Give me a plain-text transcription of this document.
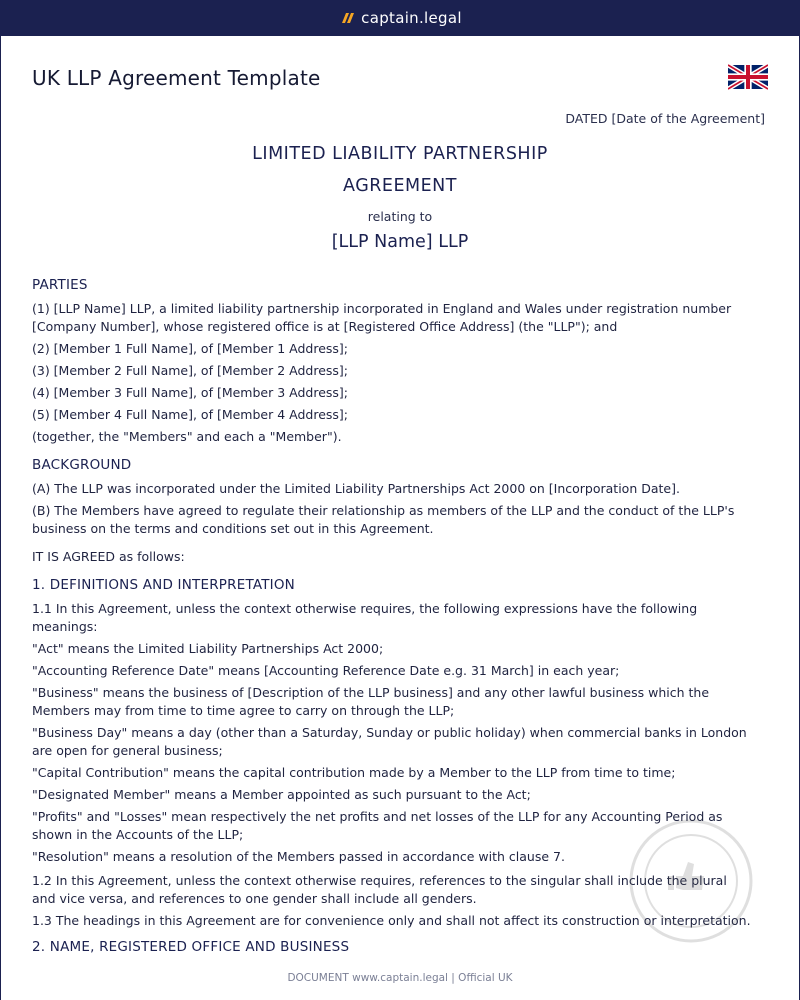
captain.legal
UK LLP Agreement Template
DATED [Date of the Agreement]
LIMITED LIABILITY PARTNERSHIP
AGREEMENT
relating to
[LLP Name] LLP
PARTIES
(1) [LLP Name] LLP, a limited liability partnership incorporated in England and Wales under registration number [Company Number], whose registered office is at [Registered Office Address] (the "LLP"); and
(2) [Member 1 Full Name], of [Member 1 Address];
(3) [Member 2 Full Name], of [Member 2 Address];
(4) [Member 3 Full Name], of [Member 3 Address];
(5) [Member 4 Full Name], of [Member 4 Address];
(together, the "Members" and each a "Member").
BACKGROUND
(A) The LLP was incorporated under the Limited Liability Partnerships Act 2000 on [Incorporation Date].
(B) The Members have agreed to regulate their relationship as members of the LLP and the conduct of the LLP's business on the terms and conditions set out in this Agreement.
IT IS AGREED as follows:
1. DEFINITIONS AND INTERPRETATION
1.1 In this Agreement, unless the context otherwise requires, the following expressions have the following meanings:
"Act" means the Limited Liability Partnerships Act 2000;
"Accounting Reference Date" means [Accounting Reference Date e.g. 31 March] in each year;
"Business" means the business of [Description of the LLP business] and any other lawful business which the Members may from time to time agree to carry on through the LLP;
"Business Day" means a day (other than a Saturday, Sunday or public holiday) when commercial banks in London are open for general business;
"Capital Contribution" means the capital contribution made by a Member to the LLP from time to time;
"Designated Member" means a Member appointed as such pursuant to the Act;
"Profits" and "Losses" mean respectively the net profits and net losses of the LLP for any Accounting Period as shown in the Accounts of the LLP;
"Resolution" means a resolution of the Members passed in accordance with clause 7.
1.2 In this Agreement, unless the context otherwise requires, references to the singular shall include the plural and vice versa, and references to one gender shall include all genders.
1.3 The headings in this Agreement are for convenience only and shall not affect its construction or interpretation.
2. NAME, REGISTERED OFFICE AND BUSINESS
DOCUMENT www.captain.legal | Official UK
